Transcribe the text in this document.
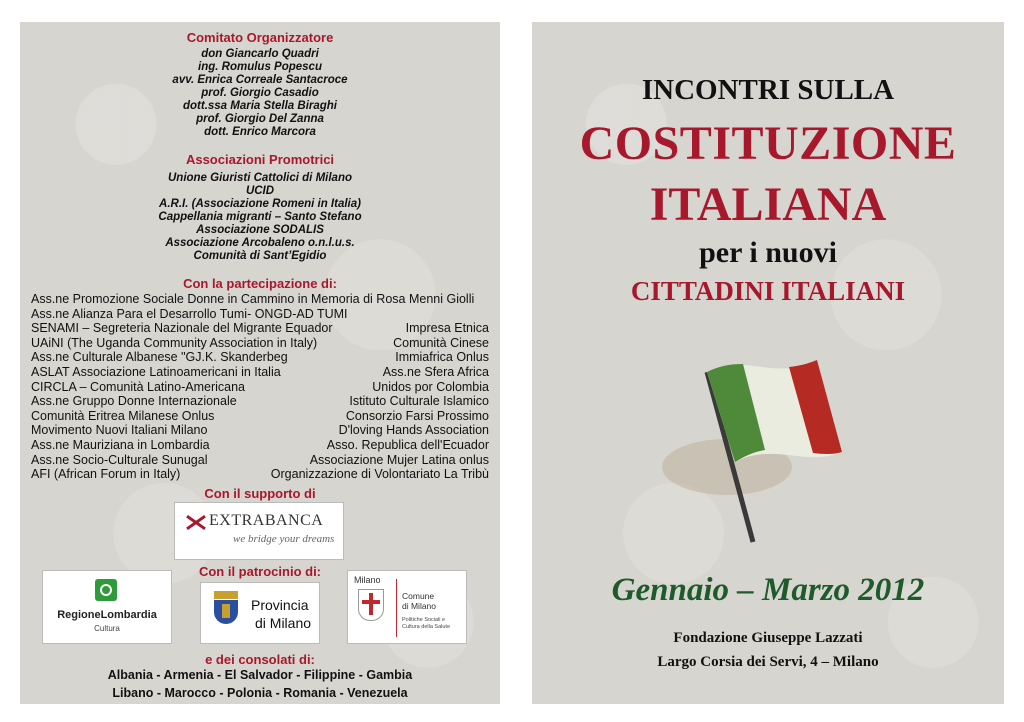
Comitato Organizzatore
don Giancarlo Quadri
ing. Romulus Popescu
avv. Enrica Correale Santacroce
prof. Giorgio Casadio
dott.ssa Maria Stella Biraghi
prof. Giorgio Del Zanna
dott. Enrico Marcora
Associazioni Promotrici
Unione Giuristi Cattolici di Milano
UCID
A.R.I. (Associazione Romeni in Italia)
Cappellania migranti – Santo Stefano
Associazione SODALIS
Associazione Arcobaleno o.n.l.u.s.
Comunità di Sant’Egidio
Con la partecipazione di:
Ass.ne Promozione Sociale Donne in Cammino in Memoria di Rosa Menni Giolli
Ass.ne Alianza Para el Desarrollo Tumi- ONGD-AD TUMI
SENAMI – Segreteria Nazionale del Migrante Equador	Impresa Etnica
UAiNI (The Uganda Community Association in Italy)	Comunità Cinese
Ass.ne Culturale Albanese "GJ.K. Skanderbeg	Immiafrica Onlus
ASLAT Associazione Latinoamericani in Italia	Ass.ne Sfera Africa
CIRCLA – Comunità Latino-Americana	Unidos por Colombia
Ass.ne Gruppo Donne Internazionale	Istituto Culturale Islamico
Comunità Eritrea Milanese Onlus	Consorzio Farsi Prossimo
Movimento Nuovi Italiani Milano	D'loving Hands Association
Ass.ne Mauriziana in Lombardia	Asso. Republica dell'Ecuador
Ass.ne Socio-Culturale Sunugal	Associazione Mujer Latina onlus
AFI (African Forum in Italy)	Organizzazione di Volontariato La Tribù
Con il supporto di
EXTRABANCA
we bridge your dreams
Con il patrocinio di:
RegioneLombardia
Cultura
Provincia
di Milano
Milano
Comune
di Milano
Politiche Sociali e
Cultura della Salute
e dei consolati di:
Albania - Armenia - El Salvador - Filippine - Gambia
Libano - Marocco - Polonia - Romania - Venezuela
INCONTRI SULLA
COSTITUZIONE
ITALIANA
per i nuovi
CITTADINI ITALIANI
Gennaio – Marzo 2012
Fondazione Giuseppe Lazzati
Largo Corsia dei Servi, 4 – Milano
